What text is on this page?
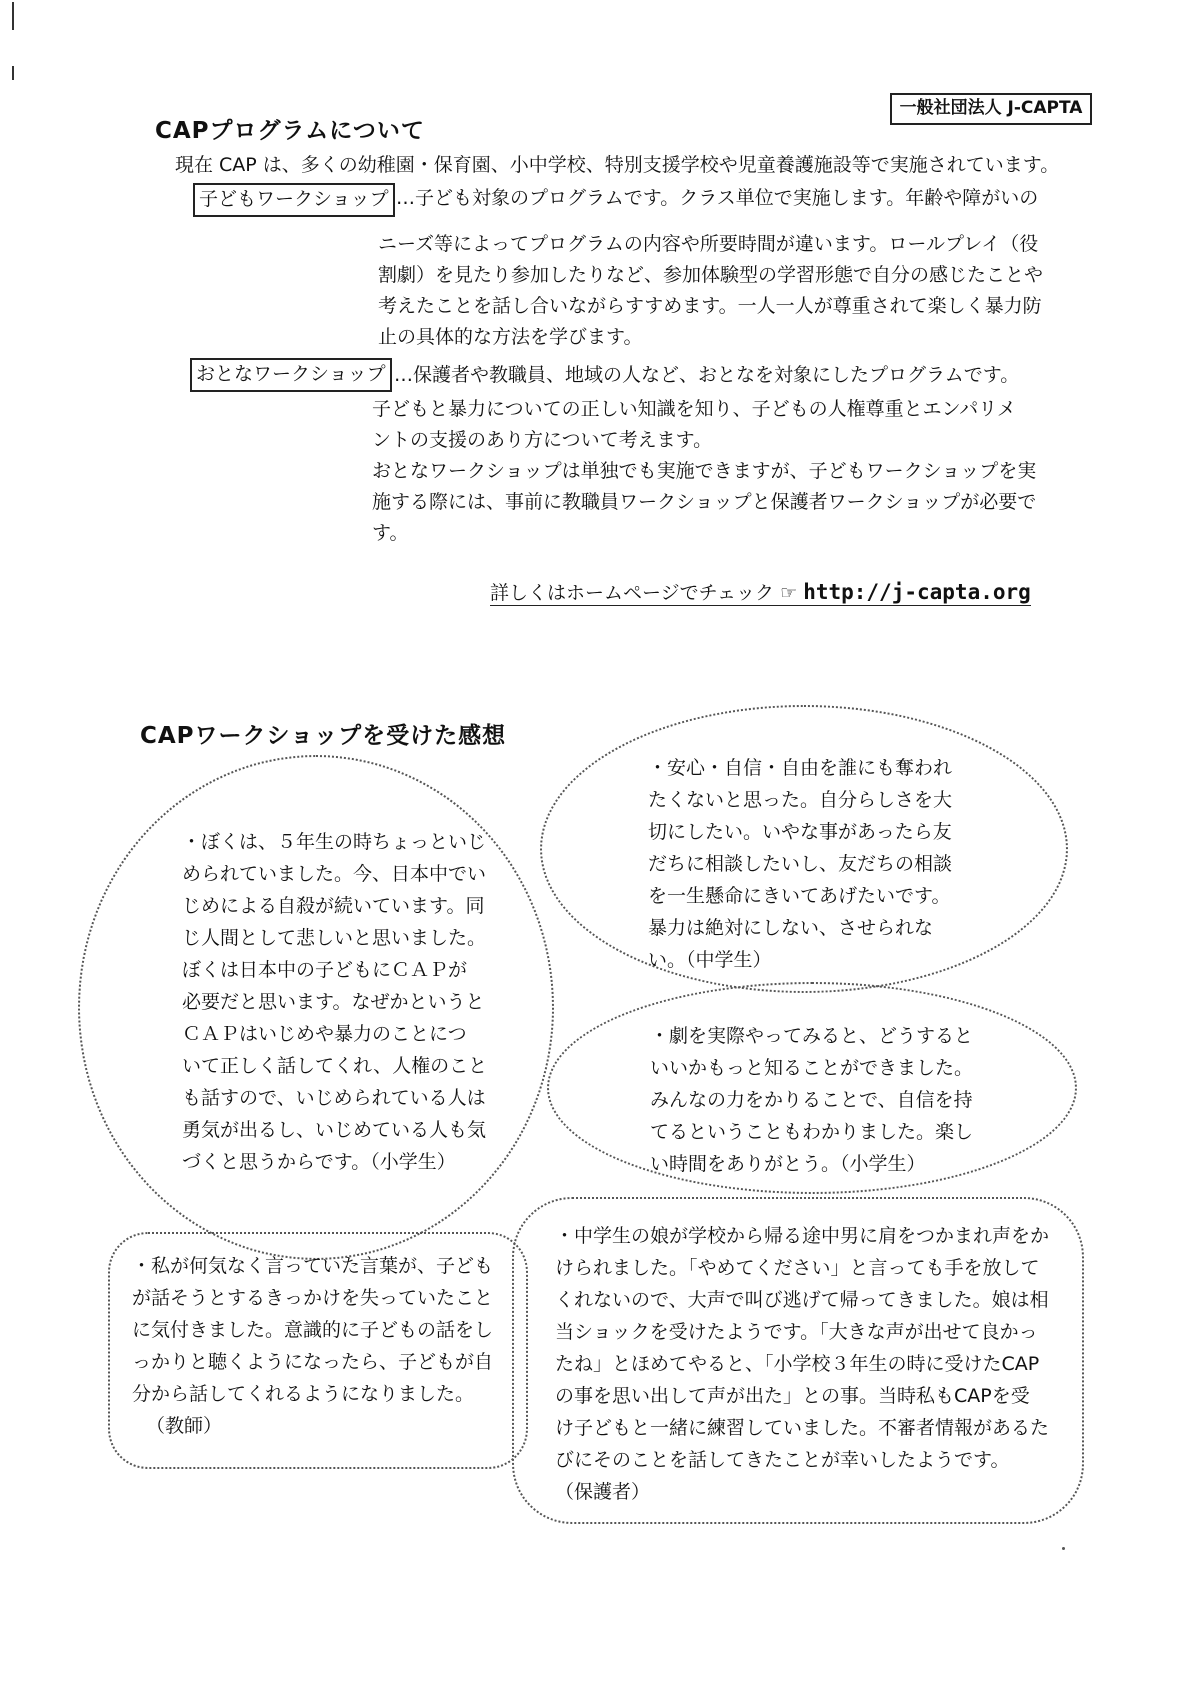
一般社団法人 J-CAPTA
CAPプログラムについて
現在 CAP は、多くの幼稚園・保育園、小中学校、特別支援学校や児童養護施設等で実施されています。
子どもワークショップ …子ども対象のプログラムです。クラス単位で実施します。年齢や障がいの
ニーズ等によってプログラムの内容や所要時間が違います。ロールプレイ（役
割劇）を見たり参加したりなど、参加体験型の学習形態で自分の感じたことや
考えたことを話し合いながらすすめます。一人一人が尊重されて楽しく暴力防
止の具体的な方法を学びます。
おとなワークショップ …保護者や教職員、地域の人など、おとなを対象にしたプログラムです。
子どもと暴力についての正しい知識を知り、子どもの人権尊重とエンパリメ
ントの支援のあり方について考えます。
おとなワークショップは単独でも実施できますが、子どもワークショップを実
施する際には、事前に教職員ワークショップと保護者ワークショップが必要で
す。
詳しくはホームページでチェック ☞ http://j-capta.org
CAPワークショップを受けた感想
・ぼくは、５年生の時ちょっといじ
められていました。今、日本中でい
じめによる自殺が続いています。同
じ人間として悲しいと思いました。
ぼくは日本中の子どもにＣＡＰが
必要だと思います。なぜかというと
ＣＡＰはいじめや暴力のことにつ
いて正しく話してくれ、人権のこと
も話すので、いじめられている人は
勇気が出るし、いじめている人も気
づくと思うからです。（小学生）
・安心・自信・自由を誰にも奪われ
たくないと思った。自分らしさを大
切にしたい。いやな事があったら友
だちに相談したいし、友だちの相談
を一生懸命にきいてあげたいです。
暴力は絶対にしない、させられな
い。（中学生）
・劇を実際やってみると、どうすると
いいかもっと知ることができました。
みんなの力をかりることで、自信を持
てるということもわかりました。楽し
い時間をありがとう。（小学生）
・私が何気なく言っていた言葉が、子ども
が話そうとするきっかけを失っていたこと
に気付きました。意識的に子どもの話をし
っかりと聴くようになったら、子どもが自
分から話してくれるようになりました。
（教師）
・中学生の娘が学校から帰る途中男に肩をつかまれ声をか
けられました。「やめてください」と言っても手を放して
くれないので、大声で叫び逃げて帰ってきました。娘は相
当ショックを受けたようです。「大きな声が出せて良かっ
たね」とほめてやると、「小学校３年生の時に受けたCAP
の事を思い出して声が出た」との事。当時私もCAPを受
け子どもと一緒に練習していました。不審者情報があるた
びにそのことを話してきたことが幸いしたようです。
（保護者）
